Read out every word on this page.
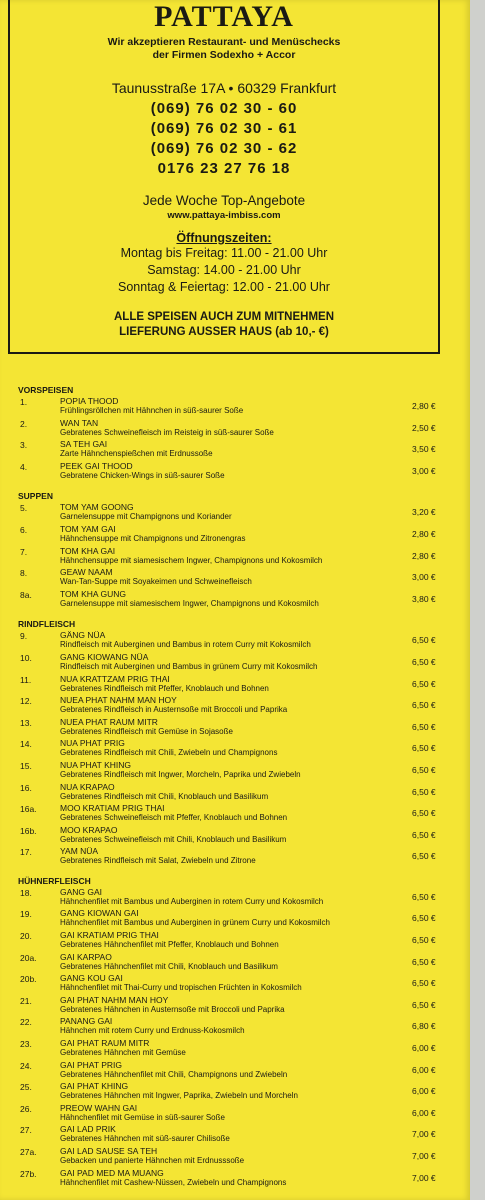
PATTAYA
Wir akzeptieren Restaurant- und Menüschecks
der Firmen Sodexho + Accor
Taunusstraße 17A • 60329 Frankfurt
(069) 76 02 30 - 60
(069) 76 02 30 - 61
(069) 76 02 30 - 62
0176 23 27 76 18
Jede Woche Top-Angebote
www.pattaya-imbiss.com
Öffnungszeiten:
Montag bis Freitag: 11.00 - 21.00 Uhr
Samstag: 14.00 - 21.00 Uhr
Sonntag & Feiertag: 12.00 - 21.00 Uhr
ALLE SPEISEN AUCH ZUM MITNEHMEN
LIEFERUNG AUSSER HAUS (ab 10,- €)
VORSPEISEN
1.	POPIA THOOD
Frühlingsröllchen mit Hähnchen in süß-saurer Soße	2,80 €
2.	WAN TAN
Gebratenes Schweinefleisch im Reisteig in süß-saurer Soße	2,50 €
3.	SA TEH GAI
Zarte Hähnchenspießchen mit Erdnussoße	3,50 €
4.	PEEK GAI THOOD
Gebratene Chicken-Wings in süß-saurer Soße	3,00 €
SUPPEN
5.	TOM YAM GOONG
Garnelensuppe mit Champignons und Koriander	3,20 €
6.	TOM YAM GAI
Hähnchensuppe mit Champignons und Zitronengras	2,80 €
7.	TOM KHA GAI
Hähnchensuppe mit siamesischem Ingwer, Champignons und Kokosmilch	2,80 €
8.	GEAW NAAM
Wan-Tan-Suppe mit Soyakeimen und Schweinefleisch	3,00 €
8a.	TOM KHA GUNG
Garnelensuppe mit siamesischem Ingwer, Champignons und Kokosmilch	3,80 €
RINDFLEISCH
9.	GÄNG NÜA
Rindfleisch mit Auberginen und Bambus in rotem Curry mit Kokosmilch	6,50 €
10.	GANG KIOWANG NÜA
Rindfleisch mit Auberginen und Bambus in grünem Curry mit Kokosmilch	6,50 €
11.	NUA KRATTZAM PRIG THAI
Gebratenes Rindfleisch mit Pfeffer, Knoblauch und Bohnen	6,50 €
12.	NUEA PHAT NAHM MAN HOY
Gebratenes Rindfleisch in Austernsoße mit Broccoli und Paprika	6,50 €
13.	NUEA PHAT RAUM MITR
Gebratenes Rindfleisch mit Gemüse in Sojasoße	6,50 €
14.	NUA PHAT PRIG
Gebratenes Rindfleisch mit Chili, Zwiebeln und Champignons	6,50 €
15.	NUA PHAT KHING
Gebratenes Rindfleisch mit Ingwer, Morcheln, Paprika und Zwiebeln	6,50 €
16.	NUA KRAPAO
Gebratenes Rindfleisch mit Chili, Knoblauch und Basilikum	6,50 €
16a.	MOO KRATIAM PRIG THAI
Gebratenes Schweinefleisch mit Pfeffer, Knoblauch und Bohnen	6,50 €
16b.	MOO KRAPAO
Gebratenes Schweinefleisch mit Chili, Knoblauch und Basilikum	6,50 €
17.	YAM NÜA
Gebratenes Rindfleisch mit Salat, Zwiebeln und Zitrone	6,50 €
HÜHNERFLEISCH
18.	GANG GAI
Hähnchenfilet mit Bambus und Auberginen in rotem Curry und Kokosmilch	6,50 €
19.	GANG KIOWAN GAI
Hähnchenfilet mit Bambus und Auberginen in grünem Curry und Kokosmilch	6,50 €
20.	GAI KRATIAM PRIG THAI
Gebratenes Hähnchenfilet mit Pfeffer, Knoblauch und Bohnen	6,50 €
20a.	GAI KARPAO
Gebratenes Hähnchenfilet mit Chili, Knoblauch und Basilikum	6,50 €
20b.	GANG KOU GAI
Hähnchenfilet mit Thai-Curry und tropischen Früchten in Kokosmilch	6,50 €
21.	GAI PHAT NAHM MAN HOY
Gebratenes Hähnchen in Austernsoße mit Broccoli und Paprika	6,50 €
22.	PANANG GAI
Hähnchen mit rotem Curry und Erdnuss-Kokosmilch	6,80 €
23.	GAI PHAT RAUM MITR
Gebratenes Hähnchen mit Gemüse	6,00 €
24.	GAI PHAT PRIG
Gebratenes Hähnchenfilet mit Chili, Champignons und Zwiebeln	6,00 €
25.	GAI PHAT KHING
Gebratenes Hähnchen mit Ingwer, Paprika, Zwiebeln und Morcheln	6,00 €
26.	PREOW WAHN GAI
Hähnchenfilet mit Gemüse in süß-saurer Soße	6,00 €
27.	GAI LAD PRIK
Gebratenes Hähnchen mit süß-saurer Chilisoße	7,00 €
27a.	GAI LAD SAUSE SA TEH
Gebacken und panierte Hähnchen mit Erdnusssoße	7,00 €
27b.	GAI PAD MED MA MUANG
Hähnchenfilet mit Cashew-Nüssen, Zwiebeln und Champignons	7,00 €
